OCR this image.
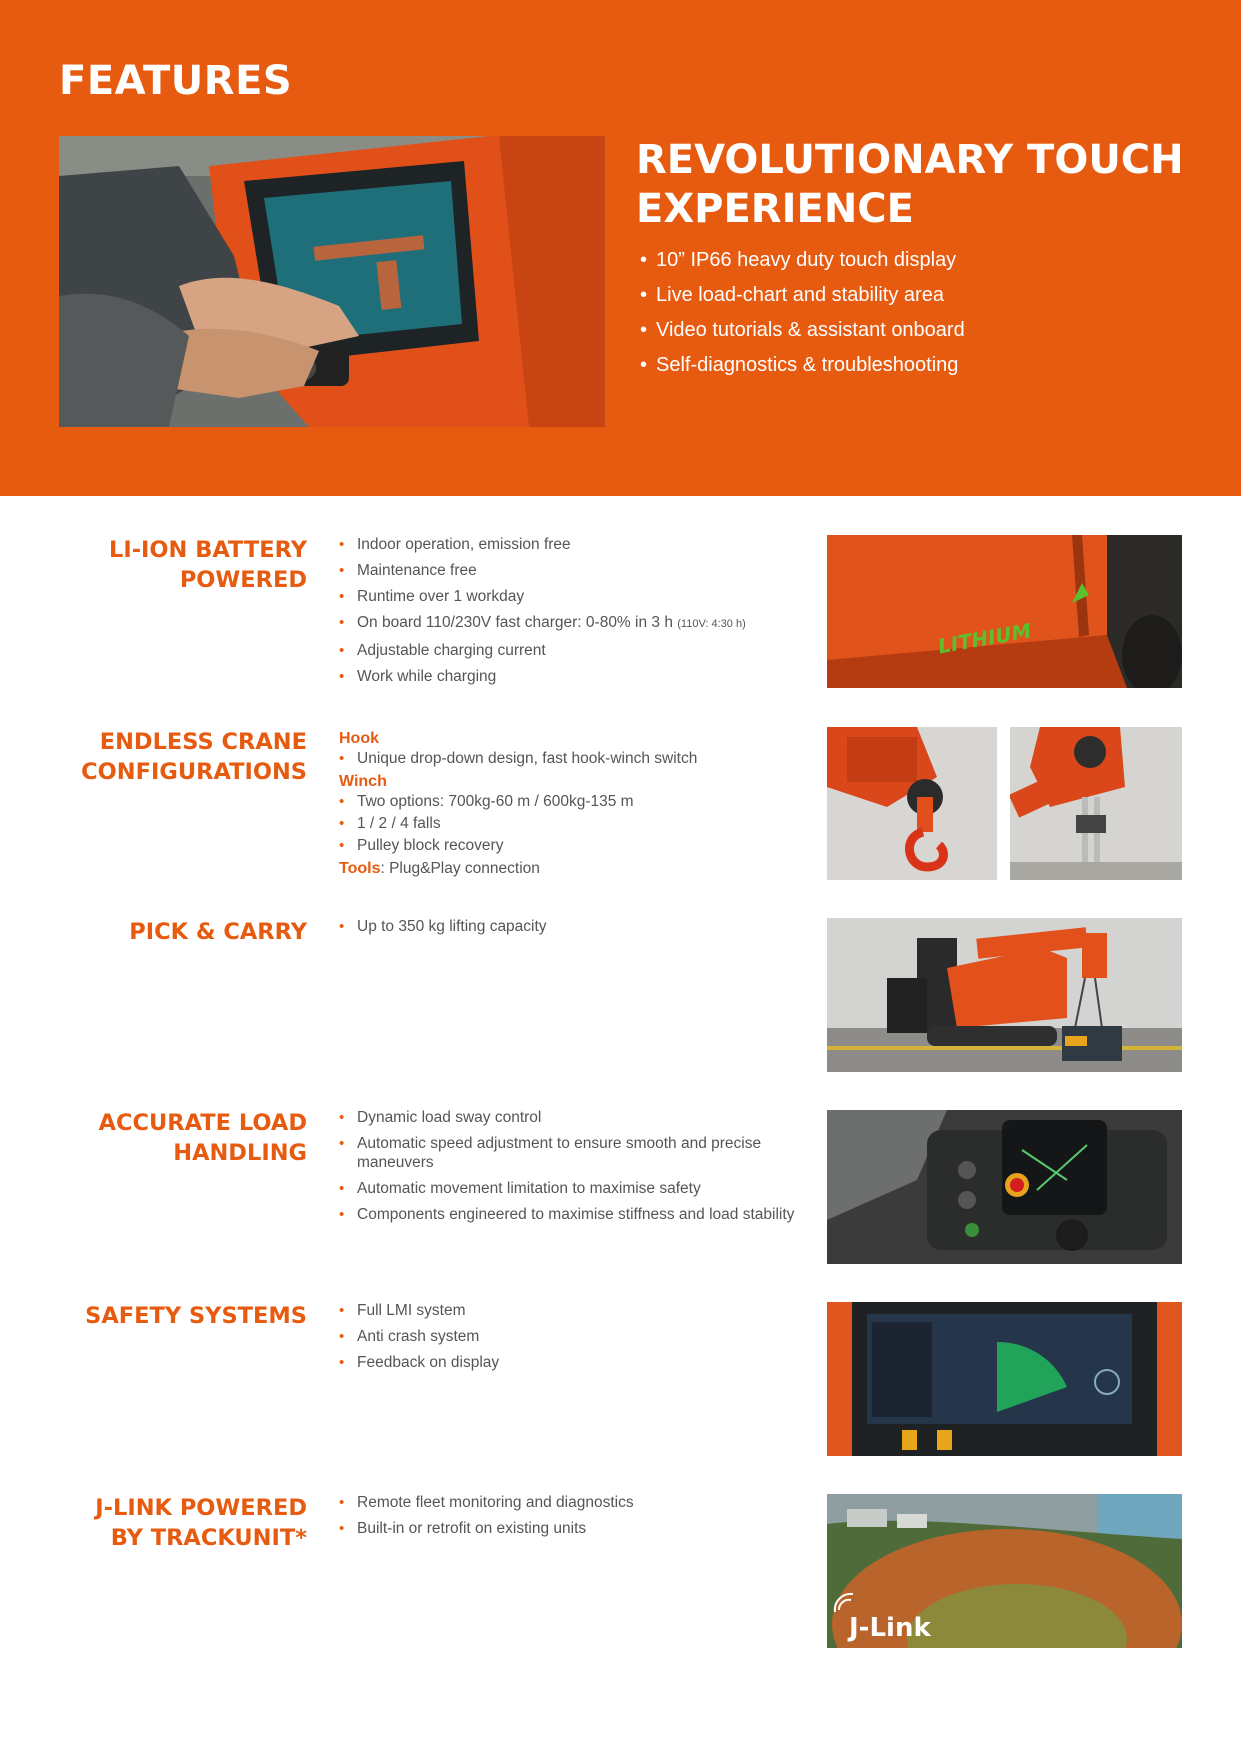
FEATURES
REVOLUTIONARY TOUCH
EXPERIENCE
• 10” IP66 heavy duty touch display
• Live load-chart and stability area
• Video tutorials & assistant onboard
• Self-diagnostics & troubleshooting
LI-ION BATTERY
POWERED
• Indoor operation, emission free
• Maintenance free
• Runtime over 1 workday
• On board 110/230V fast charger: 0-80% in 3 h (110V: 4:30 h)
• Adjustable charging current
• Work while charging
LITHIUM
ENDLESS CRANE
CONFIGURATIONS
Hook
• Unique drop-down design, fast hook-winch switch
Winch
• Two options: 700kg-60 m / 600kg-135 m
• 1 / 2 / 4 falls
• Pulley block recovery
Tools: Plug&Play connection
PICK & CARRY • Up to 350 kg lifting capacity
ACCURATE LOAD
HANDLING
• Dynamic load sway control
• Automatic speed adjustment to ensure smooth and precise maneuvers
• Automatic movement limitation to maximise safety
• Components engineered to maximise stiffness and load stability
SAFETY SYSTEMS • Full LMI system
• Anti crash system
• Feedback on display
J-LINK POWERED
BY TRACKUNIT*
• Remote fleet monitoring and diagnostics
• Built-in or retrofit on existing units
J-Link
